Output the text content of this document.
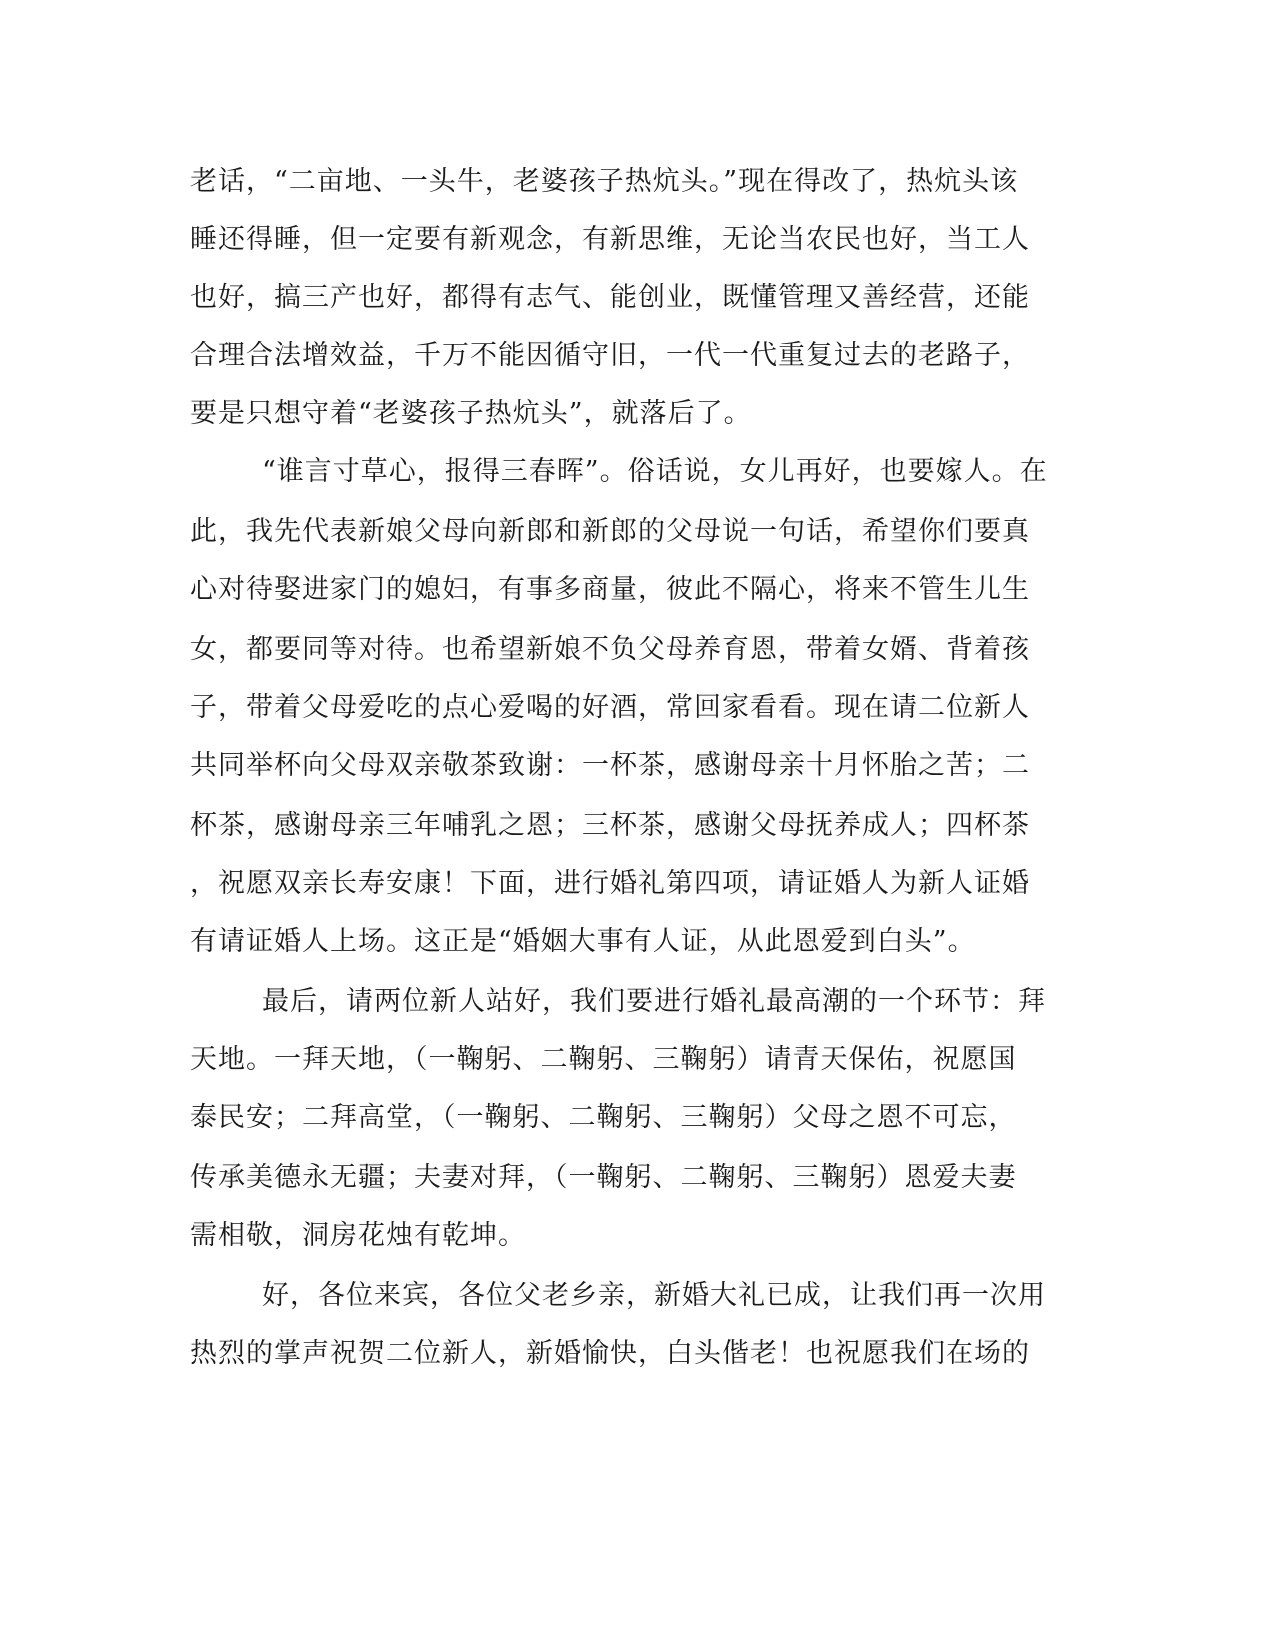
老话，“二亩地、一头牛，老婆孩子热炕头。”现在得改了，热炕头该
睡还得睡，但一定要有新观念，有新思维，无论当农民也好，当工人
也好，搞三产也好，都得有志气、能创业，既懂管理又善经营，还能
合理合法增效益，千万不能因循守旧，一代一代重复过去的老路子，
要是只想守着“老婆孩子热炕头”，就落后了。
“谁言寸草心，报得三春晖”。俗话说，女儿再好，也要嫁人。在
此，我先代表新娘父母向新郎和新郎的父母说一句话，希望你们要真
心对待娶进家门的媳妇，有事多商量，彼此不隔心，将来不管生儿生
女，都要同等对待。也希望新娘不负父母养育恩，带着女婿、背着孩
子，带着父母爱吃的点心爱喝的好酒，常回家看看。现在请二位新人
共同举杯向父母双亲敬茶致谢：一杯茶，感谢母亲十月怀胎之苦；二
杯茶，感谢母亲三年哺乳之恩；三杯茶，感谢父母抚养成人；四杯茶
，祝愿双亲长寿安康！下面，进行婚礼第四项，请证婚人为新人证婚
有请证婚人上场。这正是“婚姻大事有人证，从此恩爱到白头”。
最后，请两位新人站好，我们要进行婚礼最高潮的一个环节：拜
天地。一拜天地，（一鞠躬、二鞠躬、三鞠躬）请青天保佑，祝愿国
泰民安；二拜高堂，（一鞠躬、二鞠躬、三鞠躬）父母之恩不可忘，
传承美德永无疆；夫妻对拜，（一鞠躬、二鞠躬、三鞠躬）恩爱夫妻
需相敬，洞房花烛有乾坤。
好，各位来宾，各位父老乡亲，新婚大礼已成，让我们再一次用
热烈的掌声祝贺二位新人，新婚愉快，白头偕老！也祝愿我们在场的
